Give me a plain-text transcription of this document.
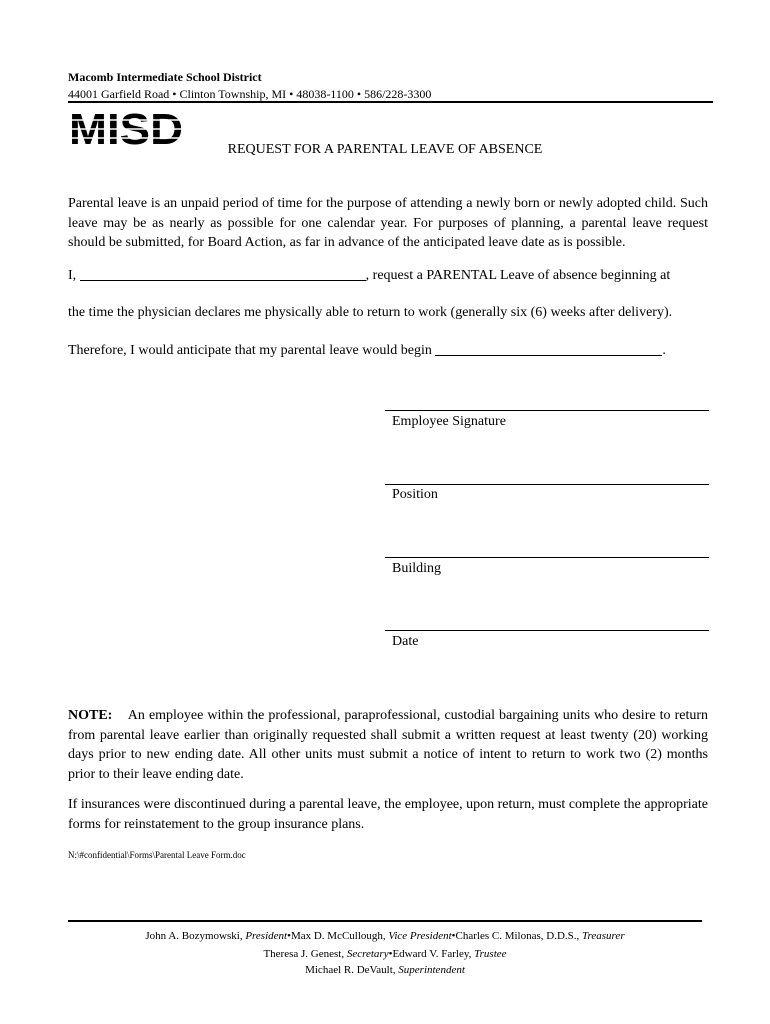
Macomb Intermediate School District
44001 Garfield Road • Clinton Township, MI • 48038-1100 • 586/228-3300
REQUEST FOR A PARENTAL LEAVE OF ABSENCE
Parental leave is an unpaid period of time for the purpose of attending a newly born or newly adopted child. Such leave may be as nearly as possible for one calendar year. For purposes of planning, a parental leave request should be submitted, for Board Action, as far in advance of the anticipated leave date as is possible.
I,	, request a PARENTAL Leave of absence beginning at
the time the physician declares me physically able to return to work (generally six (6) weeks after delivery).
Therefore, I would anticipate that my parental leave would begin	.
Employee Signature
Position
Building
Date
NOTE: An employee within the professional, paraprofessional, custodial bargaining units who desire to return from parental leave earlier than originally requested shall submit a written request at least twenty (20) working days prior to new ending date. All other units must submit a notice of intent to return to work two (2) months prior to their leave ending date.
If insurances were discontinued during a parental leave, the employee, upon return, must complete the appropriate forms for reinstatement to the group insurance plans.
N:\#confidential\Forms\Parental Leave Form.doc
John A. Bozymowski, President•Max D. McCullough, Vice President•Charles C. Milonas, D.D.S., Treasurer
Theresa J. Genest, Secretary•Edward V. Farley, Trustee
Michael R. DeVault, Superintendent
